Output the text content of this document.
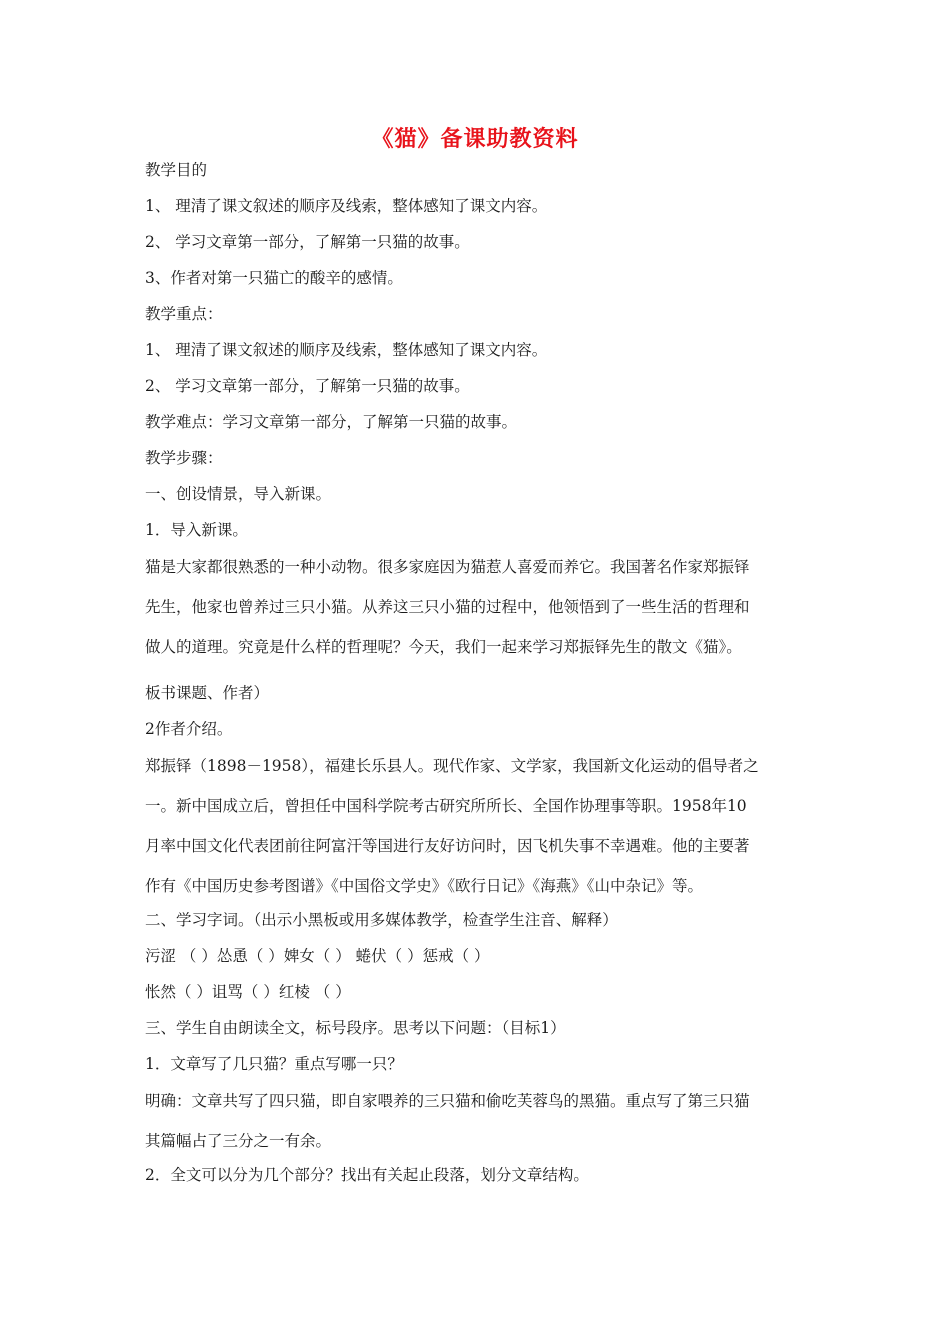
《猫》备课助教资料
教学目的
1、 理清了课文叙述的顺序及线索，整体感知了课文内容。
2、 学习文章第一部分，了解第一只猫的故事。
3、作者对第一只猫亡的酸辛的感情。
教学重点：
1、 理清了课文叙述的顺序及线索，整体感知了课文内容。
2、 学习文章第一部分，了解第一只猫的故事。
教学难点：学习文章第一部分，了解第一只猫的故事。
教学步骤：
一、创设情景，导入新课。
1．导入新课。
猫是大家都很熟悉的一种小动物。很多家庭因为猫惹人喜爱而养它。我国著名作家郑振铎
先生，他家也曾养过三只小猫。从养这三只小猫的过程中，他领悟到了一些生活的哲理和
做人的道理。究竟是什么样的哲理呢？今天，我们一起来学习郑振铎先生的散文《猫》。
板书课题、作者）
2作者介绍。
郑振铎（1898－1958），福建长乐县人。现代作家、文学家，我国新文化运动的倡导者之
一。新中国成立后，曾担任中国科学院考古研究所所长、全国作协理事等职。1958年10
月率中国文化代表团前往阿富汗等国进行友好访问时，因飞机失事不幸遇难。他的主要著
作有《中国历史参考图谱》《中国俗文学史》《欧行日记》《海燕》《山中杂记》等。
二、学习字词。（出示小黑板或用多媒体教学，检查学生注音、解释）
污涩 （ ）怂恿（ ）婢女（ ） 蜷伏（ ）惩戒（ ）
怅然（ ）诅骂（ ）红棱 （ ）
三、学生自由朗读全文，标号段序。思考以下问题：（目标1）
1．文章写了几只猫？重点写哪一只？
明确：文章共写了四只猫，即自家喂养的三只猫和偷吃芙蓉鸟的黑猫。重点写了第三只猫
其篇幅占了三分之一有余。
2．全文可以分为几个部分？找出有关起止段落，划分文章结构。
